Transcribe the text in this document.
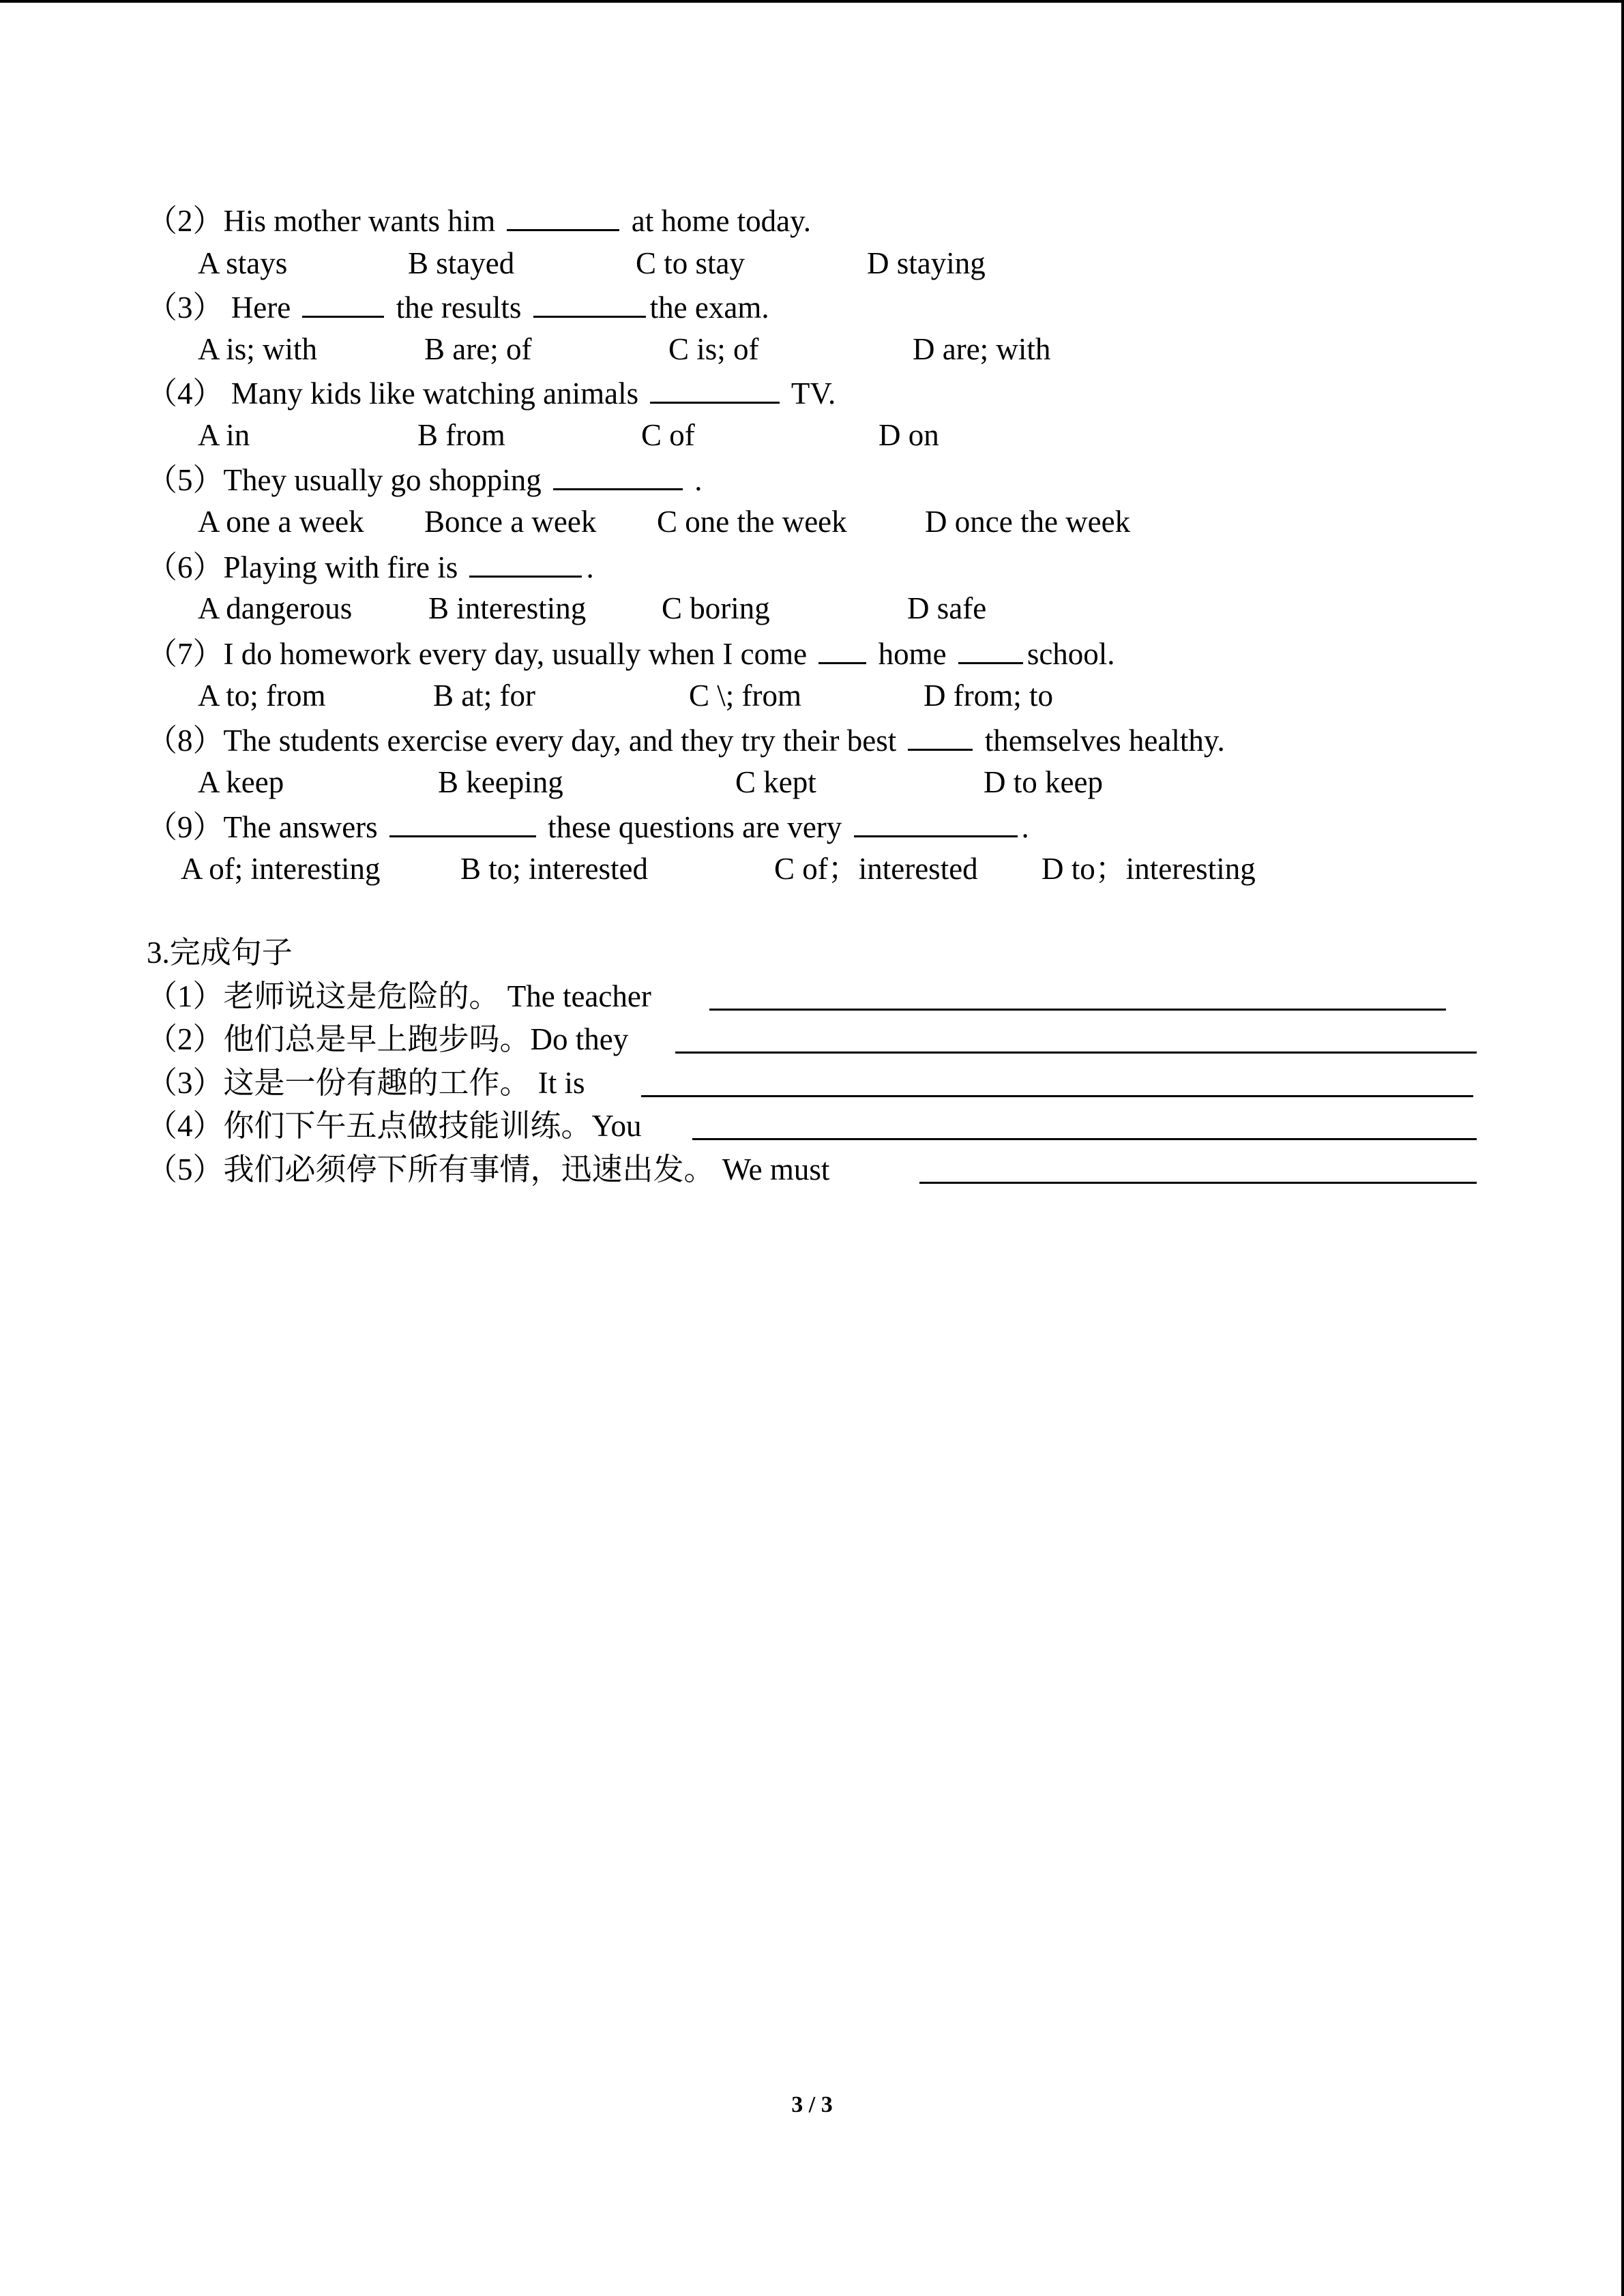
（2）His mother wants him	at home today.
A stays	B stayed	C to stay	D staying
（3） Here	the results	the exam.
A is; with	B are; of	C is; of	D are; with
（4） Many kids like watching animals	TV.
A in	B from	C of	D on
（5）They usually go shopping	.
A one a week Bonce a week C one the week	D once the week
（6）Playing with fire is	.
A dangerous B interesting C boring	D safe
（7）I do homework every day, usually when I come  home school.
A to; from	B at; for	C \; from	D from; to
（8）The students exercise every day, and they try their best  themselves healthy.
A keep	B keeping	C kept	D to keep
（9）The answers	these questions are very	.
A of; interesting	B to; interested	C of；interested D to；interesting
3.完成句子
（1）老师说这是危险的。 The teacher
（2）他们总是早上跑步吗。Do they
（3）这是一份有趣的工作。 It is
（4）你们下午五点做技能训练。You
（5）我们必须停下所有事情，迅速出发。 We must
3 / 3
